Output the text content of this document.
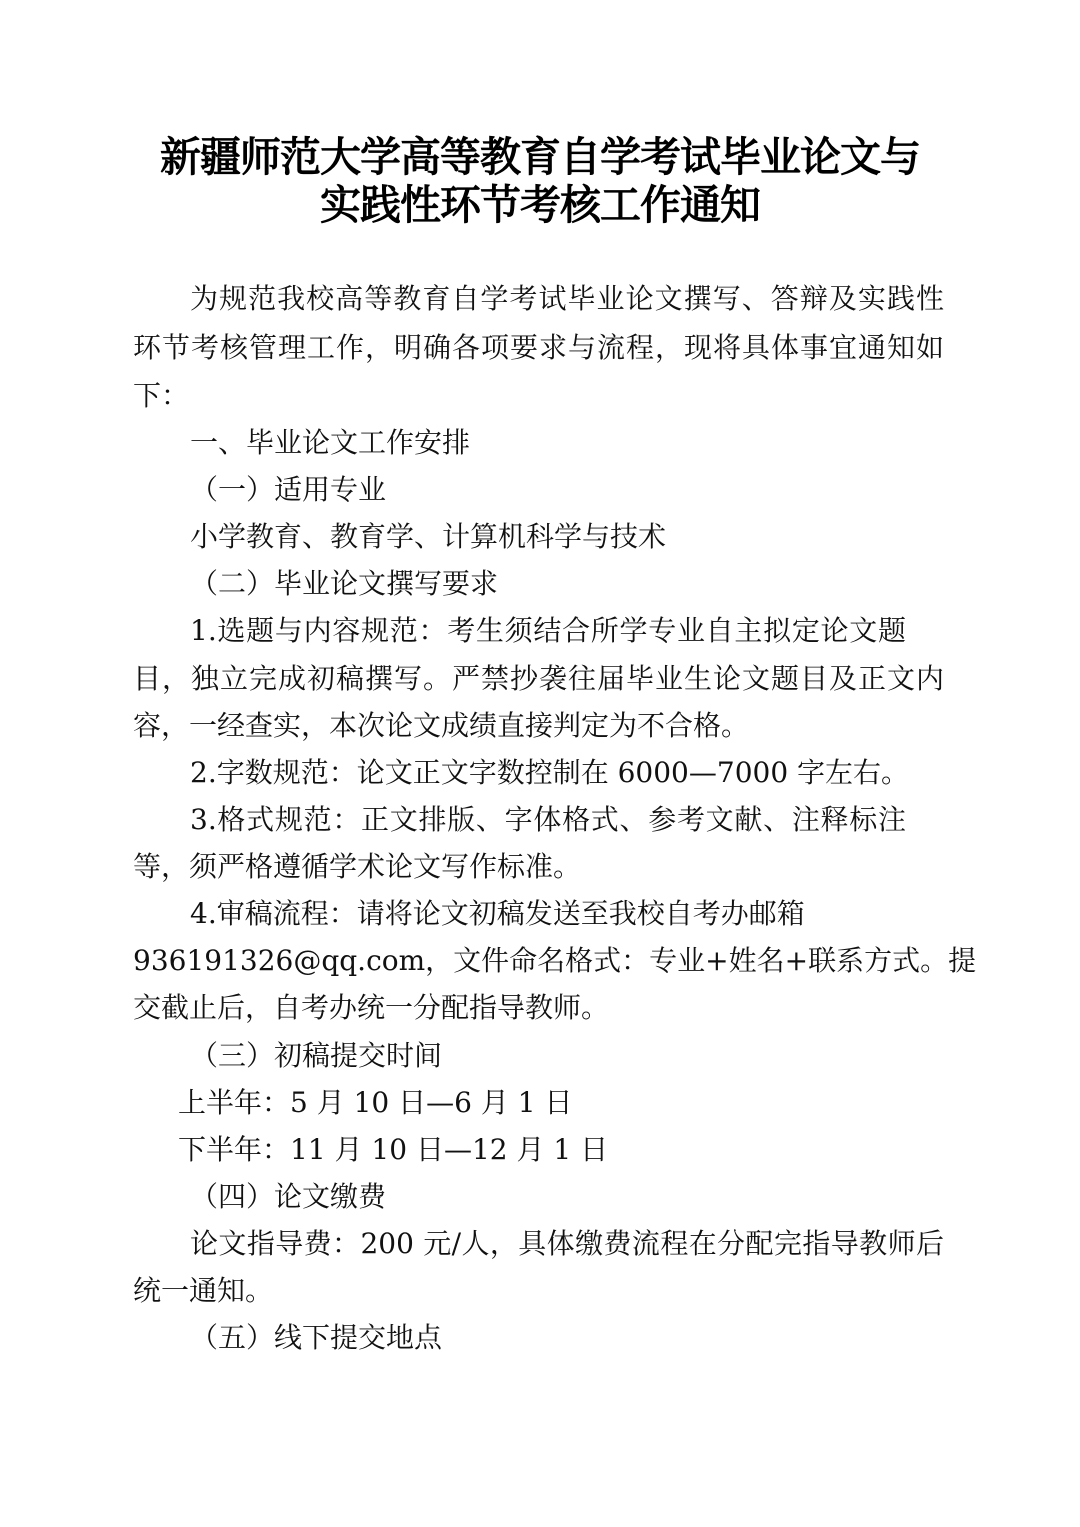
新疆师范大学高等教育自学考试毕业论文与
实践性环节考核工作通知
为规范我校高等教育自学考试毕业论文撰写、答辩及实践性
环节考核管理工作，明确各项要求与流程，现将具体事宜通知如
下：
一、毕业论文工作安排
（一）适用专业
小学教育、教育学、计算机科学与技术
（二）毕业论文撰写要求
1.选题与内容规范：考生须结合所学专业自主拟定论文题
目，独立完成初稿撰写。严禁抄袭往届毕业生论文题目及正文内
容，一经查实，本次论文成绩直接判定为不合格。
2.字数规范：论文正文字数控制在 6000—7000 字左右。
3.格式规范：正文排版、字体格式、参考文献、注释标注
等，须严格遵循学术论文写作标准。
4.审稿流程：请将论文初稿发送至我校自考办邮箱
936191326@qq.com，文件命名格式：专业+姓名+联系方式。提
交截止后，自考办统一分配指导教师。
（三）初稿提交时间
上半年：5 月 10 日—6 月 1 日
下半年：11 月 10 日—12 月 1 日
（四）论文缴费
论文指导费：200 元/人，具体缴费流程在分配完指导教师后
统一通知。
（五）线下提交地点
